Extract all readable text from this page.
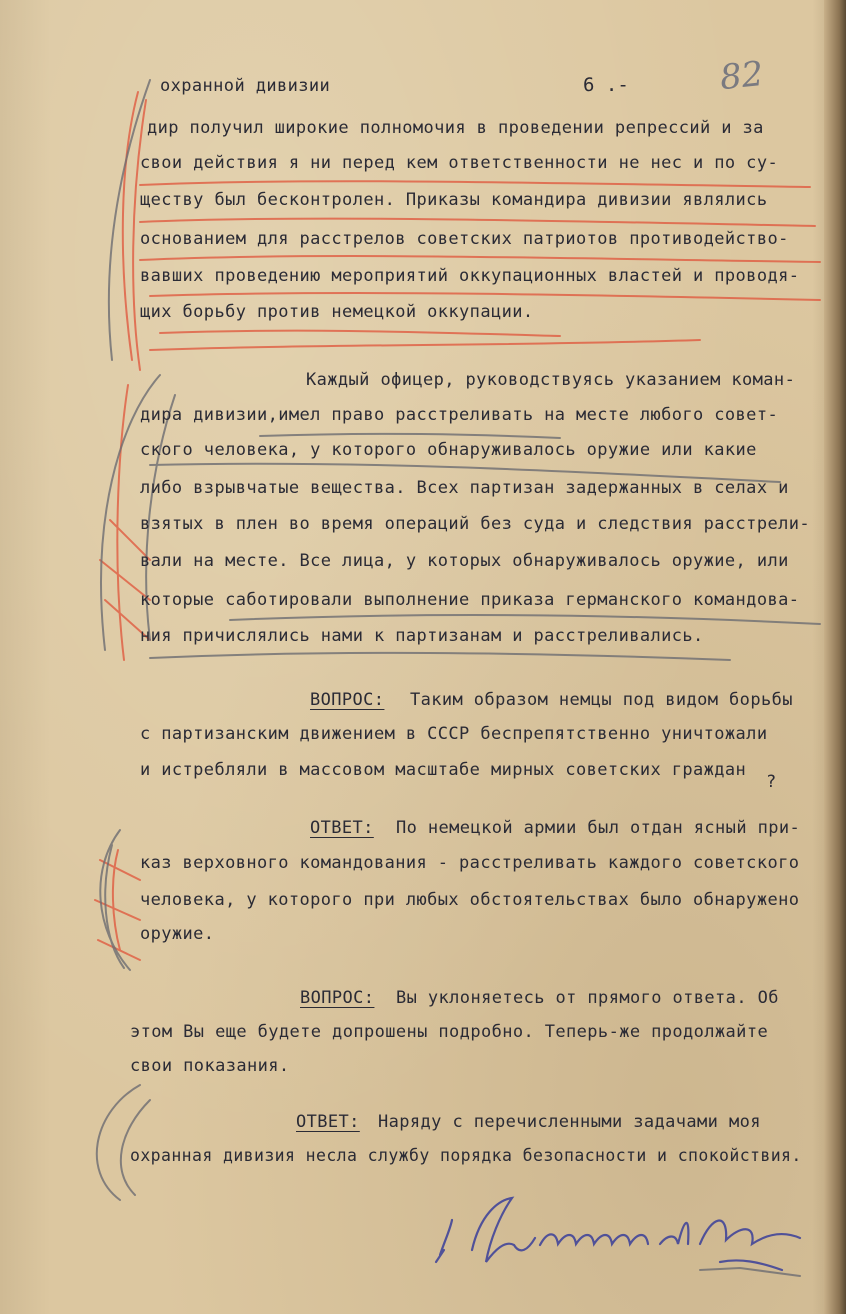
82
охранной дивизии	6 .-
дир получил широкие полномочия в проведении репрессий и за
свои действия я ни перед кем ответственности не нес и по су-
ществу был бесконтролен. Приказы командира дивизии являлись
основанием для расстрелов советских патриотов противодейство-
вавших проведению мероприятий оккупационных властей и проводя-
щих борьбу против немецкой оккупации.
Каждый офицер, руководствуясь указанием коман-
дира дивизии,имел право расстреливать на месте любого совет-
ского человека, у которого обнаруживалось оружие или какие
либо взрывчатые вещества. Всех партизан задержанных в селах и
взятых в плен во время операций без суда и следствия расстрели-
вали на месте. Все лица, у которых обнаруживалось оружие, или
которые саботировали выполнение приказа германского командова-
ния причислялись нами к партизанам и расстреливались.
ВОПРОС: Таким образом немцы под видом борьбы
с партизанским движением в СССР беспрепятственно уничтожали
и истребляли в массовом масштабе мирных советских граждан
?
ОТВЕТ: По немецкой армии был отдан ясный при-
каз верховного командования - расстреливать каждого советского
человека, у которого при любых обстоятельствах было обнаружено
оружие.
ВОПРОС: Вы уклоняетесь от прямого ответа. Об
этом Вы еще будете допрошены подробно. Теперь-же продолжайте
свои показания.
ОТВЕТ: Наряду с перечисленными задачами моя
охранная дивизия несла службу порядка безопасности и спокойствия.
